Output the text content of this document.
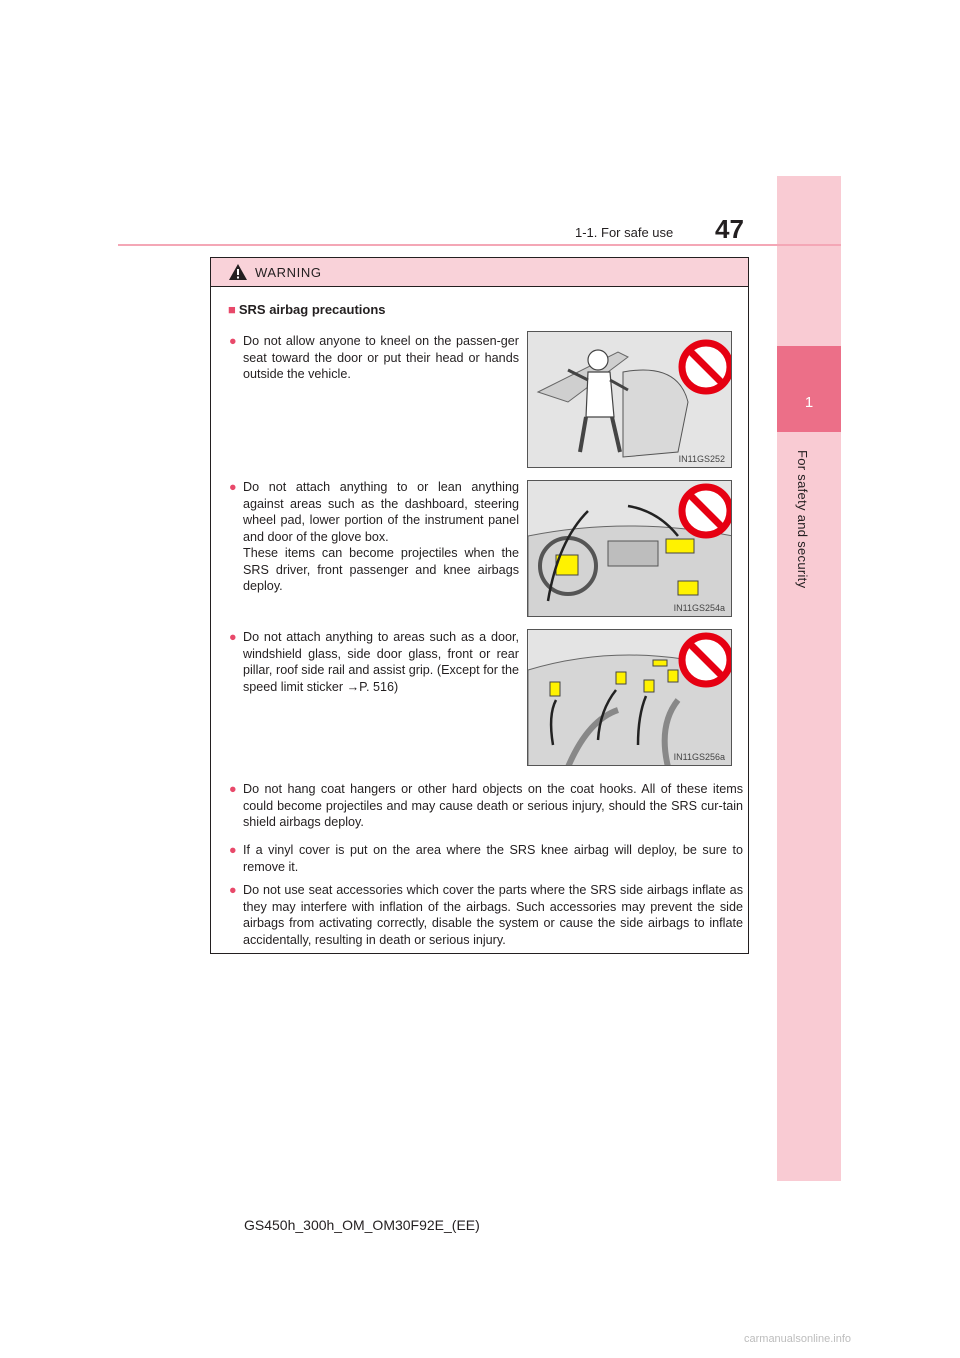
1
For safety and security
1-1. For safe use 47
WARNING
■ SRS airbag precautions
● Do not allow anyone to kneel on the passen-ger seat toward the door or put their head or hands outside the vehicle.
● Do not attach anything to or lean anything against areas such as the dashboard, steering wheel pad, lower portion of the instrument panel and door of the glove box.
These items can become projectiles when the SRS driver, front passenger and knee airbags deploy.
● Do not attach anything to areas such as a door, windshield glass, side door glass, front or rear pillar, roof side rail and assist grip. (Except for the speed limit sticker →P. 516)
IN11GS252
IN11GS254a
IN11GS256a
● Do not hang coat hangers or other hard objects on the coat hooks. All of these items could become projectiles and may cause death or serious injury, should the SRS cur-tain shield airbags deploy.
● If a vinyl cover is put on the area where the SRS knee airbag will deploy, be sure to remove it.
● Do not use seat accessories which cover the parts where the SRS side airbags inflate as they may interfere with inflation of the airbags. Such accessories may prevent the side airbags from activating correctly, disable the system or cause the side airbags to inflate accidentally, resulting in death or serious injury.
GS450h_300h_OM_OM30F92E_(EE)
carmanualsonline.info
